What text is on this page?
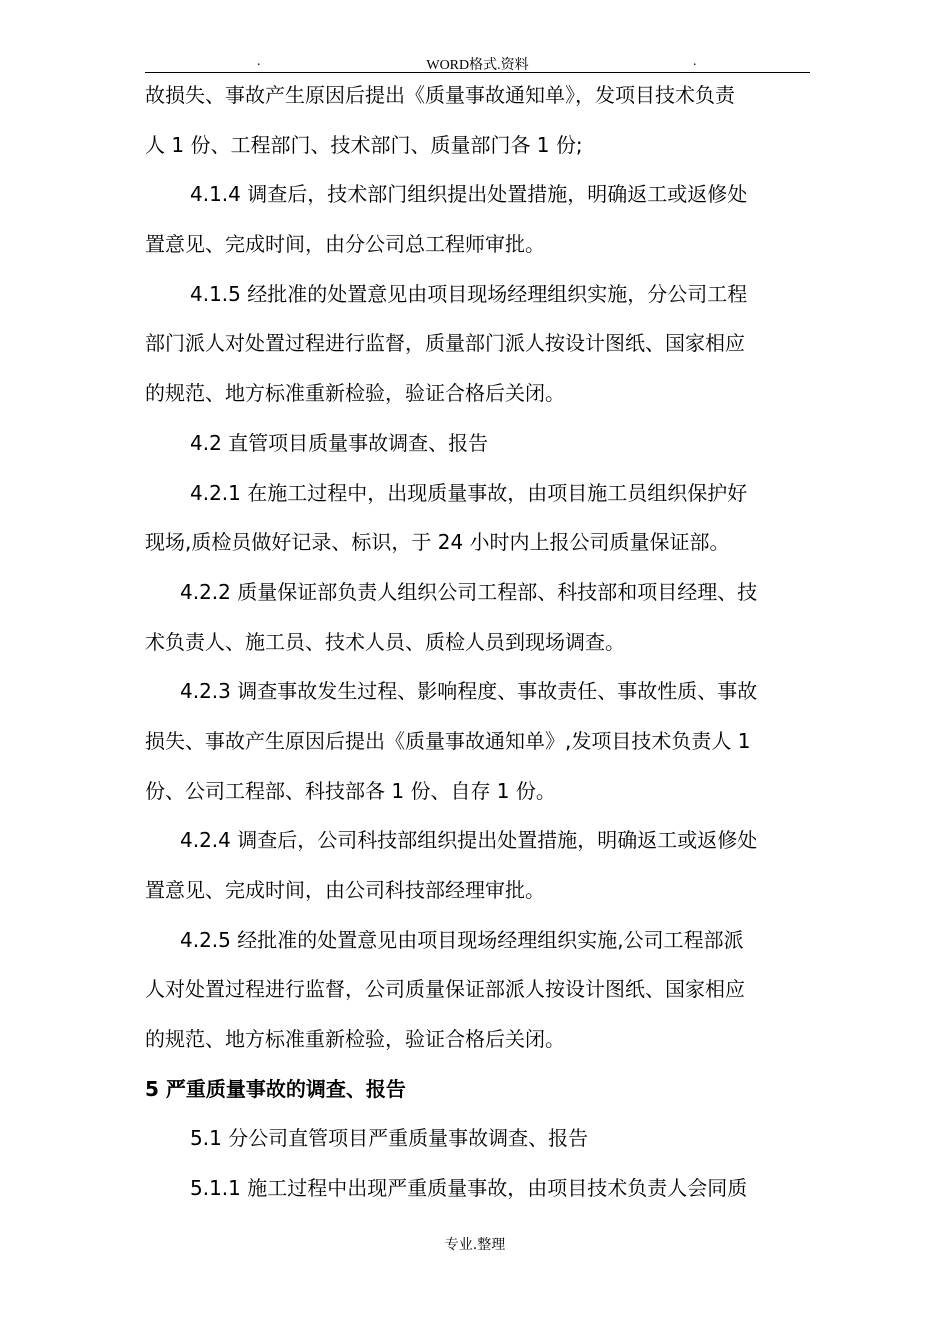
.	WORD格式.资料	.
故损失、事故产生原因后提出《质量事故通知单》，发项目技术负责
人 1 份、工程部门、技术部门、质量部门各 1 份;
4.1.4 调查后，技术部门组织提出处置措施，明确返工或返修处
置意见、完成时间，由分公司总工程师审批。
4.1.5 经批准的处置意见由项目现场经理组织实施，分公司工程
部门派人对处置过程进行监督，质量部门派人按设计图纸、国家相应
的规范、地方标准重新检验，验证合格后关闭。
4.2 直管项目质量事故调查、报告
4.2.1 在施工过程中，出现质量事故，由项目施工员组织保护好
现场,质检员做好记录、标识，于 24 小时内上报公司质量保证部。
4.2.2 质量保证部负责人组织公司工程部、科技部和项目经理、技
术负责人、施工员、技术人员、质检人员到现场调查。
4.2.3 调查事故发生过程、影响程度、事故责任、事故性质、事故
损失、事故产生原因后提出《质量事故通知单》,发项目技术负责人 1
份、公司工程部、科技部各 1 份、自存 1 份。
4.2.4 调查后，公司科技部组织提出处置措施，明确返工或返修处
置意见、完成时间，由公司科技部经理审批。
4.2.5 经批准的处置意见由项目现场经理组织实施,公司工程部派
人对处置过程进行监督，公司质量保证部派人按设计图纸、国家相应
的规范、地方标准重新检验，验证合格后关闭。
5 严重质量事故的调查、报告
5.1 分公司直管项目严重质量事故调查、报告
5.1.1 施工过程中出现严重质量事故，由项目技术负责人会同质
专业.整理
